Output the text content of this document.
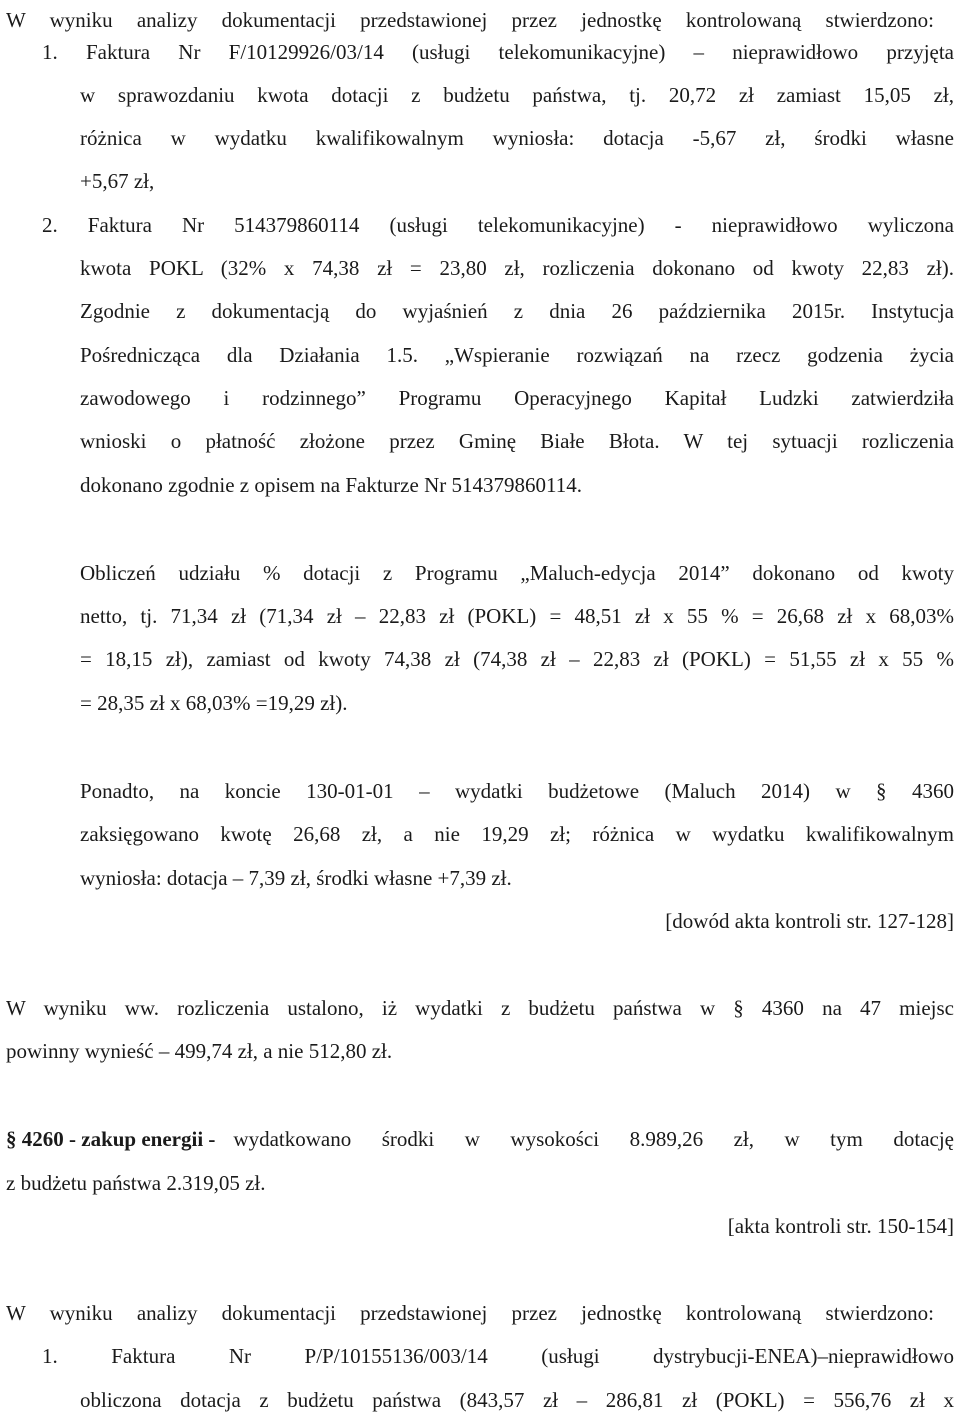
W wyniku analizy dokumentacji przedstawionej przez jednostkę kontrolowaną stwierdzono:
1. Faktura Nr F/10129926/03/14 (usługi telekomunikacyjne) – nieprawidłowo przyjęta
w sprawozdaniu kwota dotacji z budżetu państwa, tj. 20,72 zł zamiast 15,05 zł,
różnica w wydatku kwalifikowalnym wyniosła: dotacja -5,67 zł, środki własne
+5,67 zł,
2. Faktura Nr 514379860114 (usługi telekomunikacyjne) - nieprawidłowo wyliczona
kwota POKL (32% x 74,38 zł = 23,80 zł, rozliczenia dokonano od kwoty 22,83 zł).
Zgodnie z dokumentacją do wyjaśnień z dnia 26 października 2015r. Instytucja
Pośrednicząca dla Działania 1.5. „Wspieranie rozwiązań na rzecz godzenia życia
zawodowego i rodzinnego” Programu Operacyjnego Kapitał Ludzki zatwierdziła
wnioski o płatność złożone przez Gminę Białe Błota. W tej sytuacji rozliczenia
dokonano zgodnie z opisem na Fakturze Nr 514379860114.
Obliczeń udziału % dotacji z Programu „Maluch-edycja 2014” dokonano od kwoty
netto, tj. 71,34 zł (71,34 zł – 22,83 zł (POKL) = 48,51 zł x 55 % = 26,68 zł x 68,03%
= 18,15 zł), zamiast od kwoty 74,38 zł (74,38 zł – 22,83 zł (POKL) = 51,55 zł x 55 %
= 28,35 zł x 68,03% =19,29 zł).
Ponadto, na koncie 130-01-01 – wydatki budżetowe (Maluch 2014) w § 4360
zaksięgowano kwotę 26,68 zł, a nie 19,29 zł; różnica w wydatku kwalifikowalnym
wyniosła: dotacja – 7,39 zł, środki własne +7,39 zł.
[dowód akta kontroli str. 127-128]
W wyniku ww. rozliczenia ustalono, iż wydatki z budżetu państwa w § 4360 na 47 miejsc
powinny wynieść – 499,74 zł, a nie 512,80 zł.
§ 4260 - zakup energii - wydatkowano środki w wysokości 8.989,26 zł, w tym dotację
z budżetu państwa 2.319,05 zł.
[akta kontroli str. 150-154]
W wyniku analizy dokumentacji przedstawionej przez jednostkę kontrolowaną stwierdzono:
1. Faktura Nr P/P/10155136/003/14 (usługi dystrybucji-ENEA)–nieprawidłowo
obliczona dotacja z budżetu państwa (843,57 zł – 286,81 zł (POKL) = 556,76 zł x
